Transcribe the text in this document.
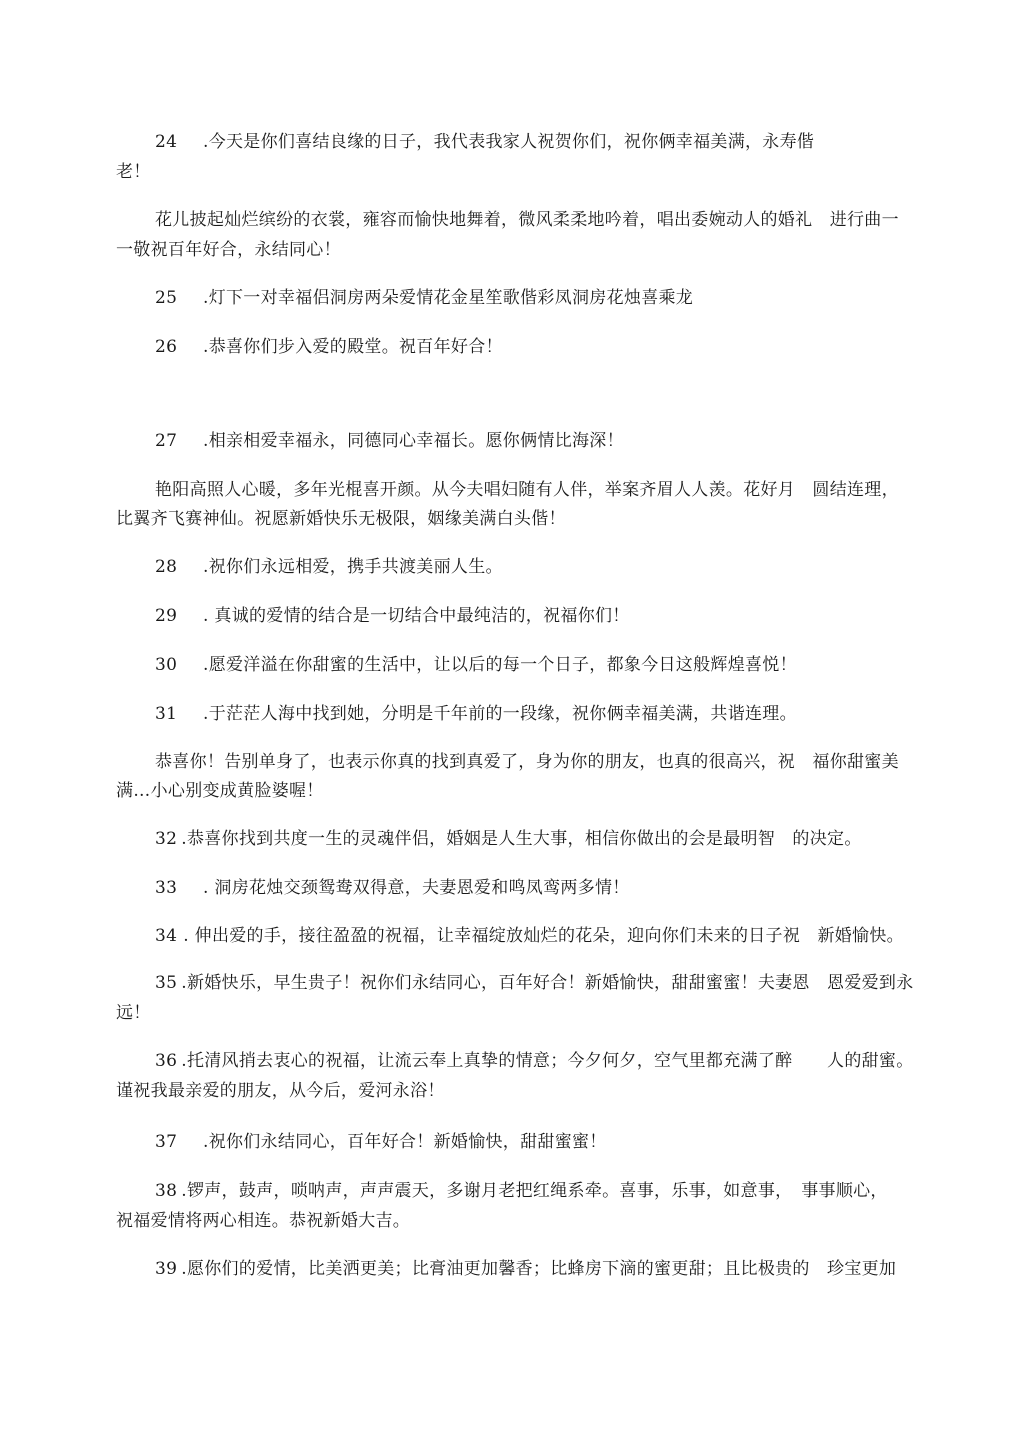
24 .今天是你们喜结良缘的日子，我代表我家人祝贺你们，祝你俩幸福美满，永寿偕
老！
花儿披起灿烂缤纷的衣裳，雍容而愉快地舞着，微风柔柔地吟着，唱出委婉动人的婚礼　进行曲一
一敬祝百年好合，永结同心！
25 .灯下一对幸福侣洞房两朵爱情花金星笙歌偕彩凤洞房花烛喜乘龙
26 .恭喜你们步入爱的殿堂。祝百年好合！
27 .相亲相爱幸福永，同德同心幸福长。愿你俩情比海深！
艳阳高照人心暖，多年光棍喜开颜。从今夫唱妇随有人伴，举案齐眉人人羡。花好月　圆结连理，
比翼齐飞赛神仙。祝愿新婚快乐无极限，姻缘美满白头偕！
28 .祝你们永远相爱，携手共渡美丽人生。
29 . 真诚的爱情的结合是一切结合中最纯洁的，祝福你们！
30 .愿爱洋溢在你甜蜜的生活中，让以后的每一个日子，都象今日这般辉煌喜悦！
31 .于茫茫人海中找到她，分明是千年前的一段缘，祝你俩幸福美满，共谐连理。
恭喜你！告别单身了，也表示你真的找到真爱了，身为你的朋友，也真的很高兴，祝　福你甜蜜美
满…小心别变成黄脸婆喔！
32 .恭喜你找到共度一生的灵魂伴侣，婚姻是人生大事，相信你做出的会是最明智　的决定。
33 . 洞房花烛交颈鸳鸯双得意，夫妻恩爱和鸣凤鸾两多情！
34 . 伸出爱的手，接往盈盈的祝福，让幸福绽放灿烂的花朵，迎向你们未来的日子祝　新婚愉快。
35 .新婚快乐，早生贵子！祝你们永结同心，百年好合！新婚愉快，甜甜蜜蜜！夫妻恩　恩爱爱到永
远！
36 .托清风捎去衷心的祝福，让流云奉上真挚的情意；今夕何夕，空气里都充满了醉　　人的甜蜜。
谨祝我最亲爱的朋友，从今后，爱河永浴！
37 .祝你们永结同心，百年好合！新婚愉快，甜甜蜜蜜！
38 .锣声，鼓声，唢呐声，声声震天，多谢月老把红绳系牵。喜事，乐事，如意事，　事事顺心，
祝福爱情将两心相连。恭祝新婚大吉。
39 .愿你们的爱情，比美洒更美；比膏油更加馨香；比蜂房下滴的蜜更甜；且比极贵的　珍宝更加
